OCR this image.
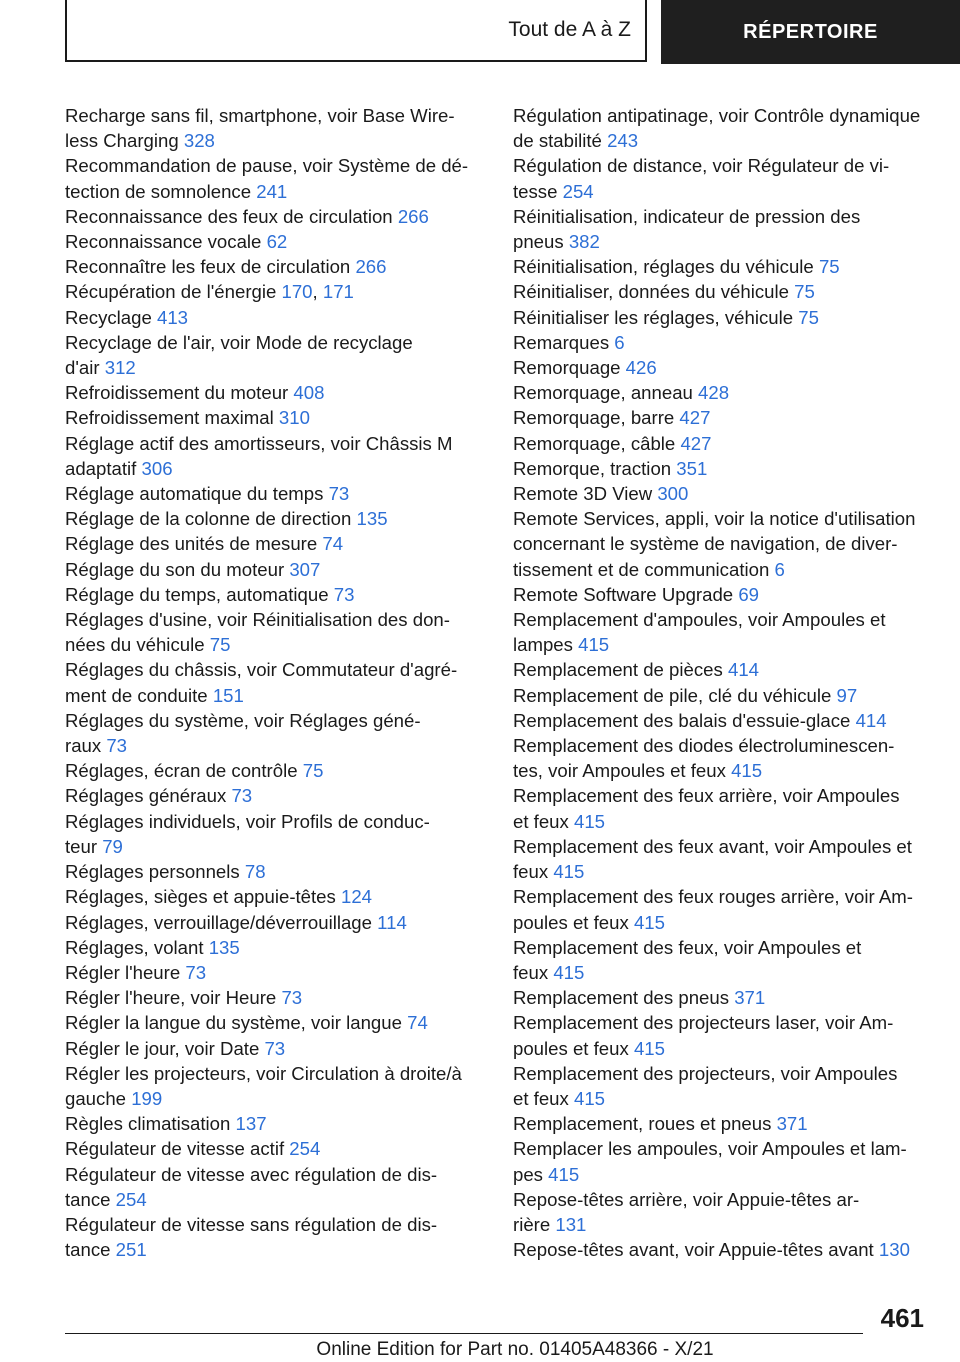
Tout de A à Z	RÉPERTOIRE
Recharge sans fil, smartphone, voir Base Wire‐
less Charging 328
Recommandation de pause, voir Système de dé‐
tection de somnolence 241
Reconnaissance des feux de circulation 266
Reconnaissance vocale 62
Reconnaître les feux de circulation 266
Récupération de l'énergie 170, 171
Recyclage 413
Recyclage de l'air, voir Mode de recyclage
d'air 312
Refroidissement du moteur 408
Refroidissement maximal 310
Réglage actif des amortisseurs, voir Châssis M
adaptatif 306
Réglage automatique du temps 73
Réglage de la colonne de direction 135
Réglage des unités de mesure 74
Réglage du son du moteur 307
Réglage du temps, automatique 73
Réglages d'usine, voir Réinitialisation des don‐
nées du véhicule 75
Réglages du châssis, voir Commutateur d'agré‐
ment de conduite 151
Réglages du système, voir Réglages géné‐
raux 73
Réglages, écran de contrôle 75
Réglages généraux 73
Réglages individuels, voir Profils de conduc‐
teur 79
Réglages personnels 78
Réglages, sièges et appuie-têtes 124
Réglages, verrouillage/déverrouillage 114
Réglages, volant 135
Régler l'heure 73
Régler l'heure, voir Heure 73
Régler la langue du système, voir langue 74
Régler le jour, voir Date 73
Régler les projecteurs, voir Circulation à droite/à
gauche 199
Règles climatisation 137
Régulateur de vitesse actif 254
Régulateur de vitesse avec régulation de dis‐
tance 254
Régulateur de vitesse sans régulation de dis‐
tance 251
Régulation antipatinage, voir Contrôle dynamique
de stabilité 243
Régulation de distance, voir Régulateur de vi‐
tesse 254
Réinitialisation, indicateur de pression des
pneus 382
Réinitialisation, réglages du véhicule 75
Réinitialiser, données du véhicule 75
Réinitialiser les réglages, véhicule 75
Remarques 6
Remorquage 426
Remorquage, anneau 428
Remorquage, barre 427
Remorquage, câble 427
Remorque, traction 351
Remote 3D View 300
Remote Services, appli, voir la notice d'utilisation
concernant le système de navigation, de diver‐
tissement et de communication 6
Remote Software Upgrade 69
Remplacement d'ampoules, voir Ampoules et
lampes 415
Remplacement de pièces 414
Remplacement de pile, clé du véhicule 97
Remplacement des balais d'essuie-glace 414
Remplacement des diodes électroluminescen‐
tes, voir Ampoules et feux 415
Remplacement des feux arrière, voir Ampoules
et feux 415
Remplacement des feux avant, voir Ampoules et
feux 415
Remplacement des feux rouges arrière, voir Am‐
poules et feux 415
Remplacement des feux, voir Ampoules et
feux 415
Remplacement des pneus 371
Remplacement des projecteurs laser, voir Am‐
poules et feux 415
Remplacement des projecteurs, voir Ampoules
et feux 415
Remplacement, roues et pneus 371
Remplacer les ampoules, voir Ampoules et lam‐
pes 415
Repose-têtes arrière, voir Appuie-têtes ar‐
rière 131
Repose-têtes avant, voir Appuie-têtes avant 130
461
Online Edition for Part no. 01405A48366 - X/21
